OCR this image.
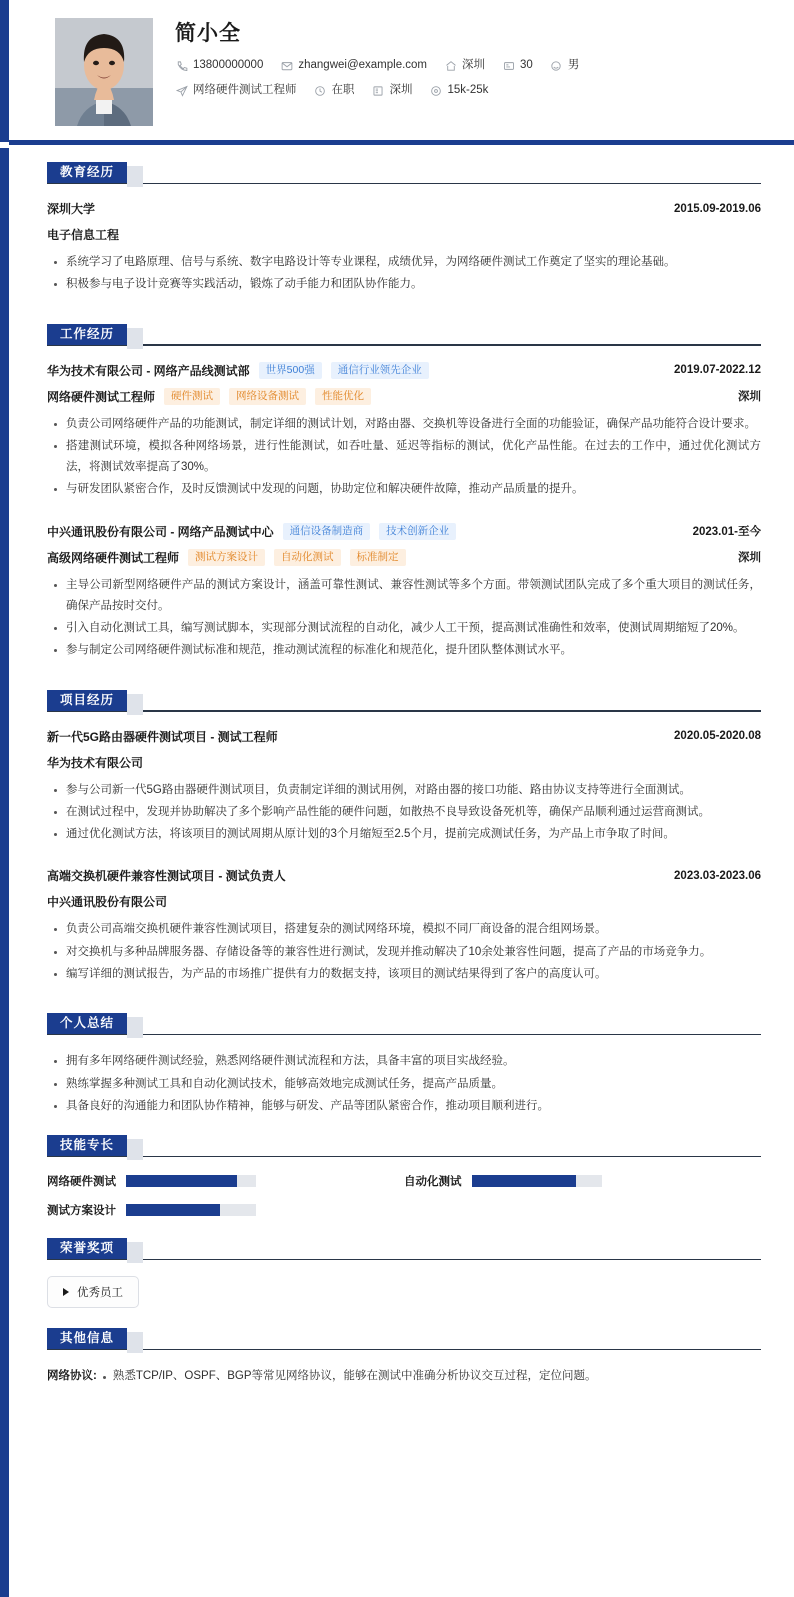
简小全
13800000000	zhangwei@example.com	深圳	30	男
网络硬件测试工程师	在职	深圳	15k-25k
教育经历
深圳大学	2015.09-2019.06
电子信息工程
系统学习了电路原理、信号与系统、数字电路设计等专业课程，成绩优异，为网络硬件测试工作奠定了坚实的理论基础。
积极参与电子设计竞赛等实践活动，锻炼了动手能力和团队协作能力。
工作经历
华为技术有限公司 - 网络产品线测试部	世界500强	通信行业领先企业	2019.07-2022.12
网络硬件测试工程师	硬件测试	网络设备测试	性能优化	深圳
负责公司网络硬件产品的功能测试，制定详细的测试计划，对路由器、交换机等设备进行全面的功能验证，确保产品功能符合设计要求。
搭建测试环境，模拟各种网络场景，进行性能测试，如吞吐量、延迟等指标的测试，优化产品性能。在过去的工作中，通过优化测试方法，将测试效率提高了30%。
与研发团队紧密合作，及时反馈测试中发现的问题，协助定位和解决硬件故障，推动产品质量的提升。
中兴通讯股份有限公司 - 网络产品测试中心	通信设备制造商	技术创新企业	2023.01-至今
高级网络硬件测试工程师	测试方案设计	自动化测试	标准制定	深圳
主导公司新型网络硬件产品的测试方案设计，涵盖可靠性测试、兼容性测试等多个方面。带领测试团队完成了多个重大项目的测试任务，确保产品按时交付。
引入自动化测试工具，编写测试脚本，实现部分测试流程的自动化，减少人工干预，提高测试准确性和效率，使测试周期缩短了20%。
参与制定公司网络硬件测试标准和规范，推动测试流程的标准化和规范化，提升团队整体测试水平。
项目经历
新一代5G路由器硬件测试项目 - 测试工程师	2020.05-2020.08
华为技术有限公司
参与公司新一代5G路由器硬件测试项目，负责制定详细的测试用例，对路由器的接口功能、路由协议支持等进行全面测试。
在测试过程中，发现并协助解决了多个影响产品性能的硬件问题，如散热不良导致设备死机等，确保产品顺利通过运营商测试。
通过优化测试方法，将该项目的测试周期从原计划的3个月缩短至2.5个月，提前完成测试任务，为产品上市争取了时间。
高端交换机硬件兼容性测试项目 - 测试负责人	2023.03-2023.06
中兴通讯股份有限公司
负责公司高端交换机硬件兼容性测试项目，搭建复杂的测试网络环境，模拟不同厂商设备的混合组网场景。
对交换机与多种品牌服务器、存储设备等的兼容性进行测试，发现并推动解决了10余处兼容性问题，提高了产品的市场竞争力。
编写详细的测试报告，为产品的市场推广提供有力的数据支持，该项目的测试结果得到了客户的高度认可。
个人总结
拥有多年网络硬件测试经验，熟悉网络硬件测试流程和方法，具备丰富的项目实战经验。
熟练掌握多种测试工具和自动化测试技术，能够高效地完成测试任务，提高产品质量。
具备良好的沟通能力和团队协作精神，能够与研发、产品等团队紧密合作，推动项目顺利进行。
技能专长
网络硬件测试	自动化测试
测试方案设计
荣誉奖项
优秀员工
其他信息
网络协议: 熟悉TCP/IP、OSPF、BGP等常见网络协议，能够在测试中准确分析协议交互过程，定位问题。
